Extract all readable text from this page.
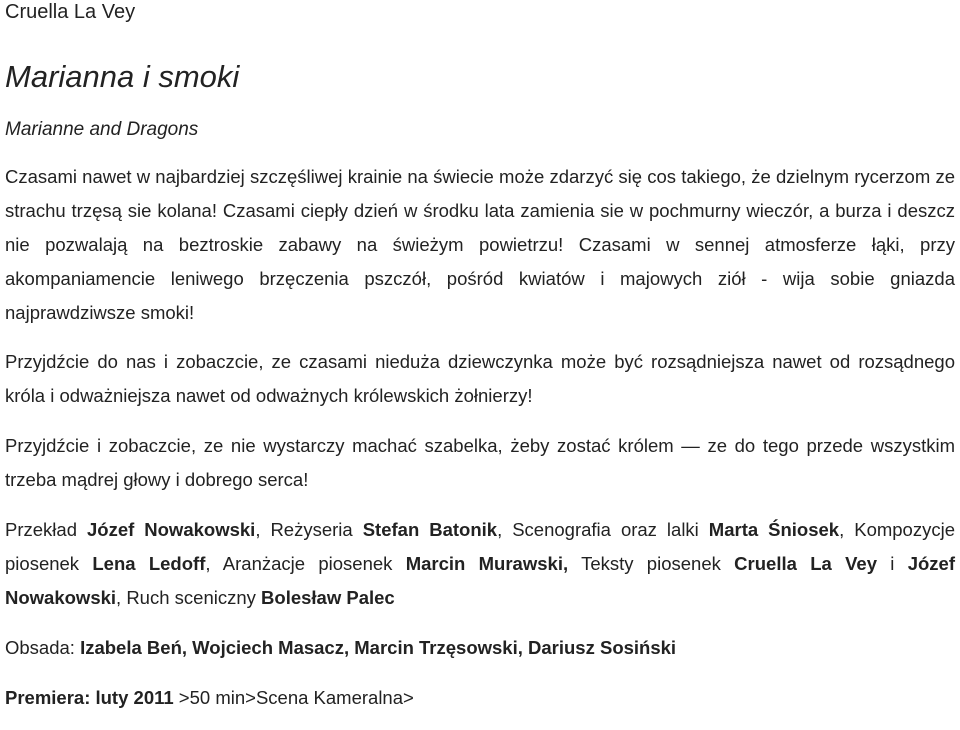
Cruella La Vey

Marianna i smoki

Marianne and Dragons

Czasami nawet w najbardziej szczęśliwej krainie na świecie może zdarzyć się cos takiego, że dzielnym rycerzom ze strachu trzęsą sie kolana! Czasami ciepły dzień w środku lata zamienia sie w pochmurny wieczór, a burza i deszcz nie pozwalają na beztroskie zabawy na świeżym powietrzu! Czasami w sennej atmosferze łąki, przy akompaniamencie leniwego brzęczenia pszczół, pośród kwiatów i majowych ziół - wija sobie gniazda najprawdziwsze smoki!

Przyjdźcie do nas i zobaczcie, ze czasami nieduża dziewczynka może być rozsądniejsza nawet od rozsądnego króla i odważniejsza nawet od odważnych królewskich żołnierzy!

Przyjdźcie i zobaczcie, ze nie wystarczy machać szabelka, żeby zostać królem — ze do tego przede wszystkim trzeba mądrej głowy i dobrego serca!

Przekład Józef Nowakowski, Reżyseria Stefan Batonik, Scenografia oraz lalki Marta Śniosek, Kompozycje piosenek Lena Ledoff, Aranżacje piosenek Marcin Murawski, Teksty piosenek Cruella La Vey i Józef Nowakowski, Ruch sceniczny Bolesław Palec

Obsada: Izabela Beń, Wojciech Masacz, Marcin Trzęsowski, Dariusz Sosiński

Premiera: luty 2011 >50 min>Scena Kameralna>
